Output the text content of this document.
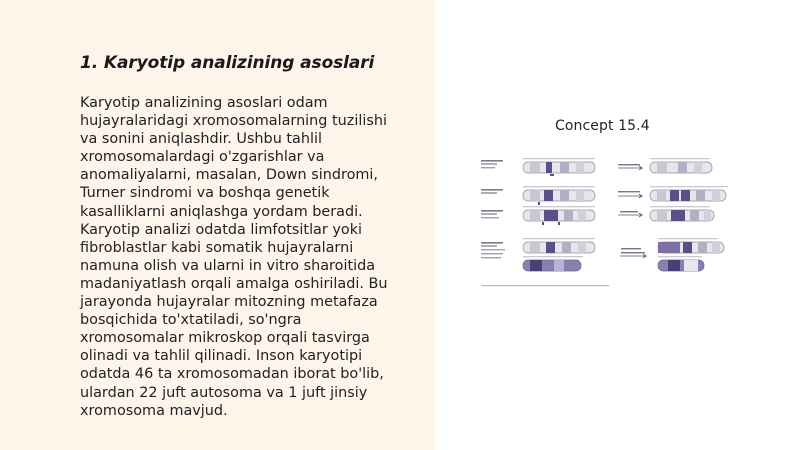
1. Karyotip analizining asoslari

Karyotip analizining asoslari odam
hujayralaridagi xromosomalarning tuzilishi
va sonini aniqlashdir. Ushbu tahlil
xromosomalardagi o'zgarishlar va
anomaliyalarni, masalan, Down sindromi,
Turner sindromi va boshqa genetik
kasalliklarni aniqlashga yordam beradi.
Karyotip analizi odatda limfotsitlar yoki
fibroblastlar kabi somatik hujayralarni
namuna olish va ularni in vitro sharoitida
madaniyatlash orqali amalga oshiriladi. Bu
jarayonda hujayralar mitozning metafaza
bosqichida to'xtatiladi, so'ngra
xromosomalar mikroskop orqali tasvirga
olinadi va tahlil qilinadi. Inson karyotipi
odatda 46 ta xromosomadan iborat bo'lib,
ulardan 22 juft autosoma va 1 juft jinsiy
xromosoma mavjud.

Concept 15.4
